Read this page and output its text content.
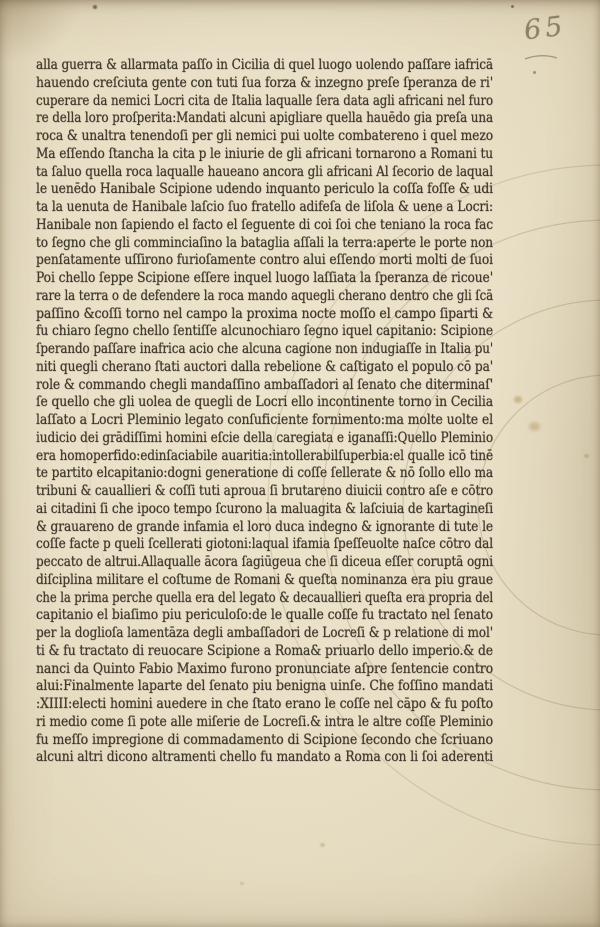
alla guerra & allarmata paſſo in Cicilia di quel luogo uolendo paſſare iafricā
hauendo creſciuta gente con tuti ſua forza & inzegno preſe ſperanza de ri'
cuperare da nemici Locri cita de Italia laqualle ſera data agli africani nel furo
re della loro proſperita:Mandati alcuni apigliare quella hauēdo gia preſa una
roca & unaltra tenendoſi per gli nemici pui uolte combatereno i quel mezo
Ma eſſendo ſtancha la cita p le iniurie de gli africani tornarono a Romani tu
ta ſaluo quella roca laqualle haueano ancora gli africani Al ſecorio de laqual
le uenēdo Hanibale Scipione udendo inquanto periculo la coſſa foſſe & udi
ta la uenuta de Hanibale laſcio ſuo fratello adifeſa de liſola & uene a Locri:
Hanibale non ſapiendo el facto el ſeguente di coi ſoi che teniano la roca fac
to ſegno che gli comminciaſino la bataglia aſſali la terra:aperte le porte non
penſatamente uſſirono furioſamente contro alui eſſendo morti molti de ſuoi
Poi chello ſeppe Scipione eſſere inquel luogo laſſiata la ſperanza de ricoue'
rare la terra o de defendere la roca mando aquegli cherano dentro che gli ſcā
paſſino &coſſi torno nel campo la proxima nocte moſſo el campo ſiparti &
fu chiaro ſegno chello ſentiſſe alcunochiaro ſegno iquel capitanio: Scipione
ſperando paſſare inafrica acio che alcuna cagione non indugiaſſe in Italia pu'
niti quegli cherano ſtati auctori dalla rebelione & caſtigato el populo cō pa'
role & commando chegli mandaſſino ambaſſadori al ſenato che diterminaſ'
ſe quello che gli uolea de quegli de Locri ello incontinente torno in Cecilia
laſſato a Locri Pleminio legato conſuficiente fornimento:ma molte uolte el
iudicio dei grādiſſimi homini eſcie della caregiata e iganaſſi:Quello Pleminio
era homoperfido:edinſaciabile auaritia:intollerabilſuperbia:el qualle icō tinē
te partito elcapitanio:dogni generatione di coſſe ſellerate & nō ſollo ello ma
tribuni & cauallieri & coſſi tuti aproua ſi brutareno diuicii contro aſe e cōtro
ai citadini ſi che ipoco tempo ſcurono la maluagita & laſciuia de kartagineſi
& grauareno de grande infamia el loro duca indegno & ignorante di tute le
coſſe facte p queli ſcellerati giotoni:laqual ifamia ſpeſſeuolte naſce cōtro dal
peccato de altrui.Allaqualle ācora ſagiūgeua che ſi diceua eſſer coruptā ogni
diſciplina militare el coſtume de Romani & queſta nominanza era piu graue
che la prima perche quella era del legato & decauallieri queſta era propria del
capitanio el biaſimo piu periculoſo:de le qualle coſſe fu tractato nel ſenato
per la doglioſa lamentāza degli ambaſſadori de Locreſi & p relatione di mol'
ti & fu tractato di reuocare Scipione a Roma& priuarlo dello imperio.& de
nanci da Quinto Fabio Maximo furono pronunciate aſpre ſentencie contro
alui:Finalmente laparte del ſenato piu benigna uinſe. Che foſſino mandati
:XIIII:electi homini auedere in che ſtato erano le coſſe nel cāpo & fu poſto
ri medio come ſi pote alle miſerie de Locreſi.& intra le altre coſſe Pleminio
fu meſſo impregione di commadamento di Scipione ſecondo che ſcriuano
alcuni altri dicono altramenti chello fu mandato a Roma con li ſoi aderenti
65
